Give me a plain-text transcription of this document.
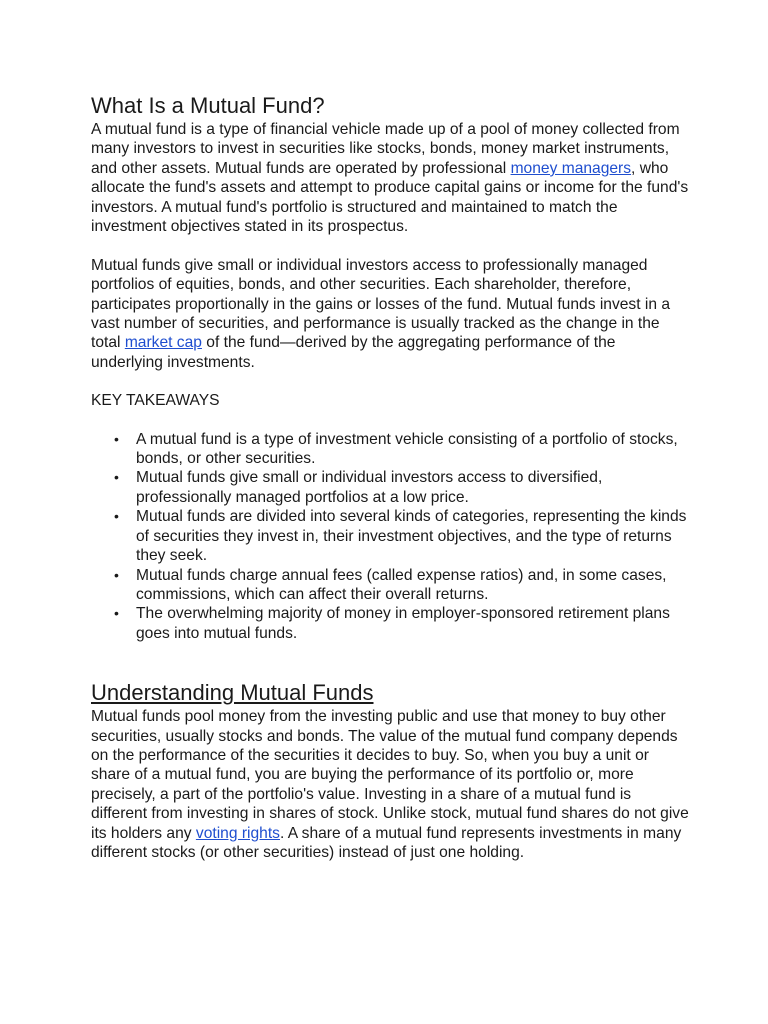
What Is a Mutual Fund?

A mutual fund is a type of financial vehicle made up of a pool of money collected from many investors to invest in securities like stocks, bonds, money market instruments, and other assets. Mutual funds are operated by professional money managers, who allocate the fund's assets and attempt to produce capital gains or income for the fund's investors. A mutual fund's portfolio is structured and maintained to match the investment objectives stated in its prospectus.

Mutual funds give small or individual investors access to professionally managed portfolios of equities, bonds, and other securities. Each shareholder, therefore, participates proportionally in the gains or losses of the fund. Mutual funds invest in a vast number of securities, and performance is usually tracked as the change in the total market cap of the fund—derived by the aggregating performance of the underlying investments.

KEY TAKEAWAYS
• A mutual fund is a type of investment vehicle consisting of a portfolio of stocks, bonds, or other securities.
• Mutual funds give small or individual investors access to diversified, professionally managed portfolios at a low price.
• Mutual funds are divided into several kinds of categories, representing the kinds of securities they invest in, their investment objectives, and the type of returns they seek.
• Mutual funds charge annual fees (called expense ratios) and, in some cases, commissions, which can affect their overall returns.
• The overwhelming majority of money in employer-sponsored retirement plans goes into mutual funds.
Understanding Mutual Funds

Mutual funds pool money from the investing public and use that money to buy other securities, usually stocks and bonds. The value of the mutual fund company depends on the performance of the securities it decides to buy. So, when you buy a unit or share of a mutual fund, you are buying the performance of its portfolio or, more precisely, a part of the portfolio's value. Investing in a share of a mutual fund is different from investing in shares of stock. Unlike stock, mutual fund shares do not give its holders any voting rights. A share of a mutual fund represents investments in many different stocks (or other securities) instead of just one holding.
